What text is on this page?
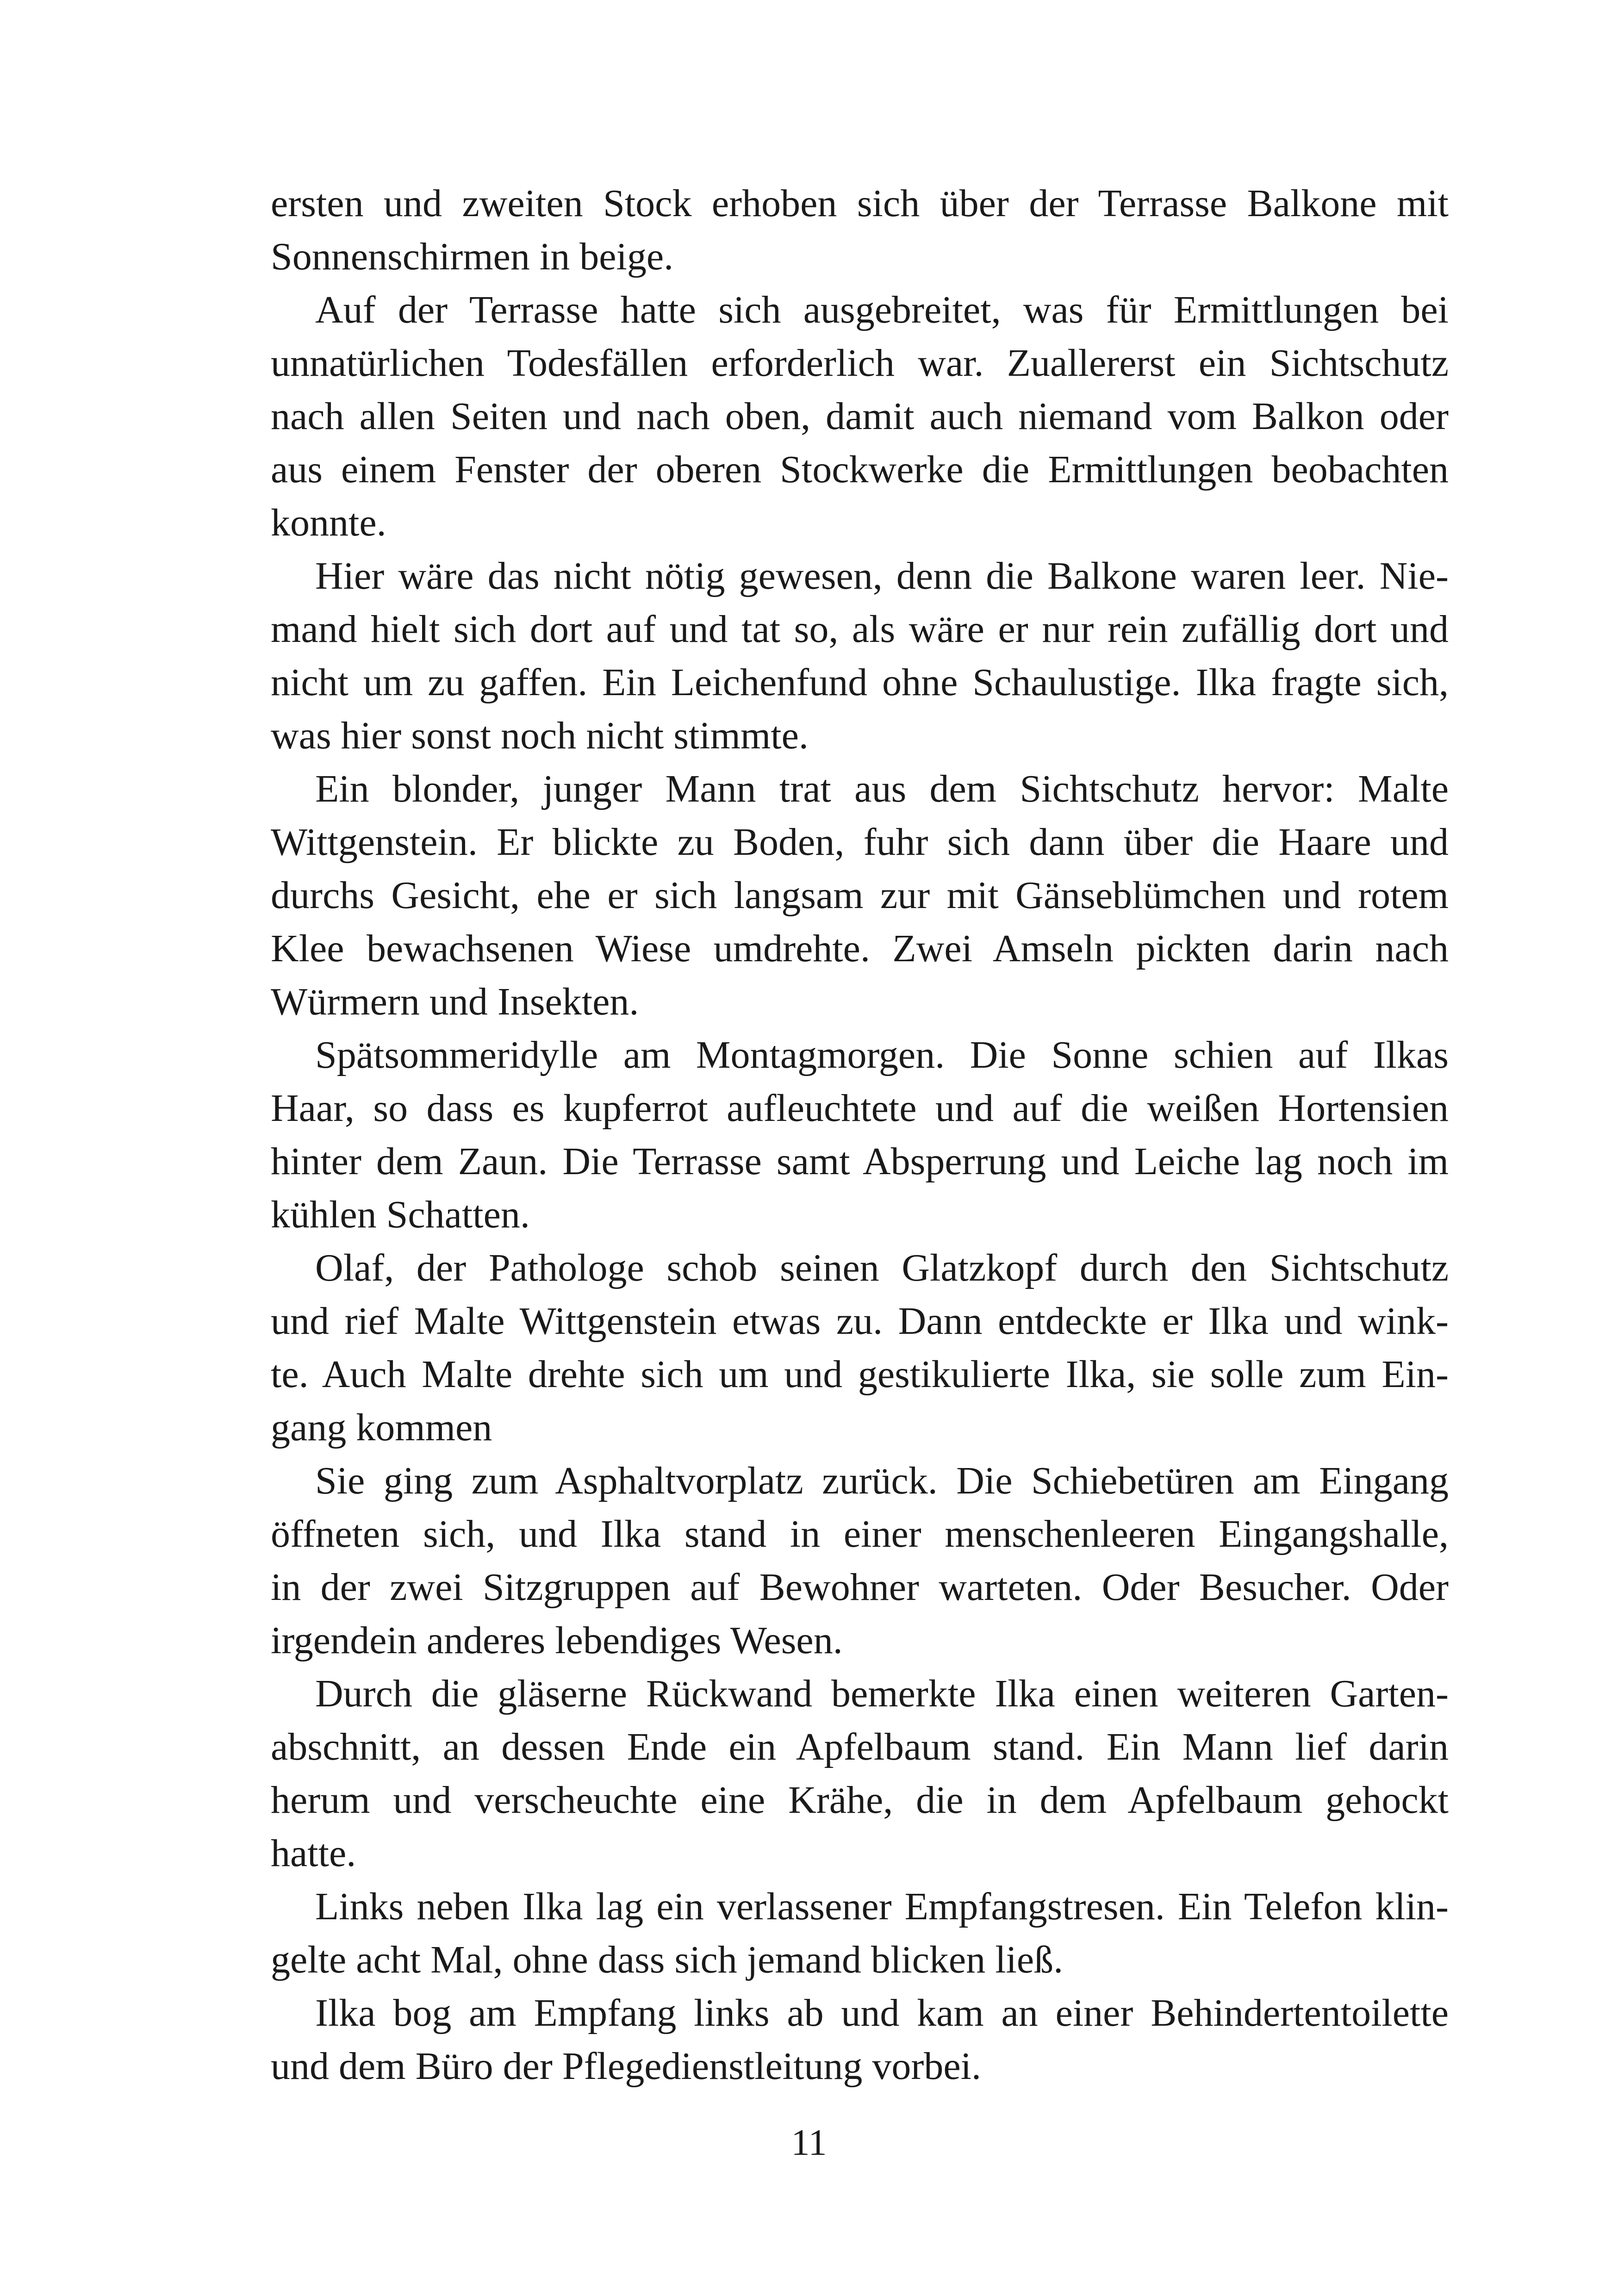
ersten und zweiten Stock erhoben sich über der Terrasse Balkone mit
Sonnenschirmen in beige.
Auf der Terrasse hatte sich ausgebreitet, was für Ermittlungen bei
unnatürlichen Todesfällen erforderlich war. Zuallererst ein Sichtschutz
nach allen Seiten und nach oben, damit auch niemand vom Balkon oder
aus einem Fenster der oberen Stockwerke die Ermittlungen beobachten
konnte.
Hier wäre das nicht nötig gewesen, denn die Balkone waren leer. Nie-
mand hielt sich dort auf und tat so, als wäre er nur rein zufällig dort und
nicht um zu gaffen. Ein Leichenfund ohne Schaulustige. Ilka fragte sich,
was hier sonst noch nicht stimmte.
Ein blonder, junger Mann trat aus dem Sichtschutz hervor: Malte
Wittgenstein. Er blickte zu Boden, fuhr sich dann über die Haare und
durchs Gesicht, ehe er sich langsam zur mit Gänseblümchen und rotem
Klee bewachsenen Wiese umdrehte. Zwei Amseln pickten darin nach
Würmern und Insekten.
Spätsommeridylle am Montagmorgen. Die Sonne schien auf Ilkas
Haar, so dass es kupferrot aufleuchtete und auf die weißen Hortensien
hinter dem Zaun. Die Terrasse samt Absperrung und Leiche lag noch im
kühlen Schatten.
Olaf, der Pathologe schob seinen Glatzkopf durch den Sichtschutz
und rief Malte Wittgenstein etwas zu. Dann entdeckte er Ilka und wink-
te. Auch Malte drehte sich um und gestikulierte Ilka, sie solle zum Ein-
gang kommen
Sie ging zum Asphaltvorplatz zurück. Die Schiebetüren am Eingang
öffneten sich, und Ilka stand in einer menschenleeren Eingangshalle,
in der zwei Sitzgruppen auf Bewohner warteten. Oder Besucher. Oder
irgendein anderes lebendiges Wesen.
Durch die gläserne Rückwand bemerkte Ilka einen weiteren Garten-
abschnitt, an dessen Ende ein Apfelbaum stand. Ein Mann lief darin
herum und verscheuchte eine Krähe, die in dem Apfelbaum gehockt
hatte.
Links neben Ilka lag ein verlassener Empfangstresen. Ein Telefon klin-
gelte acht Mal, ohne dass sich jemand blicken ließ.
Ilka bog am Empfang links ab und kam an einer Behindertentoilette
und dem Büro der Pflegedienstleitung vorbei.
11
